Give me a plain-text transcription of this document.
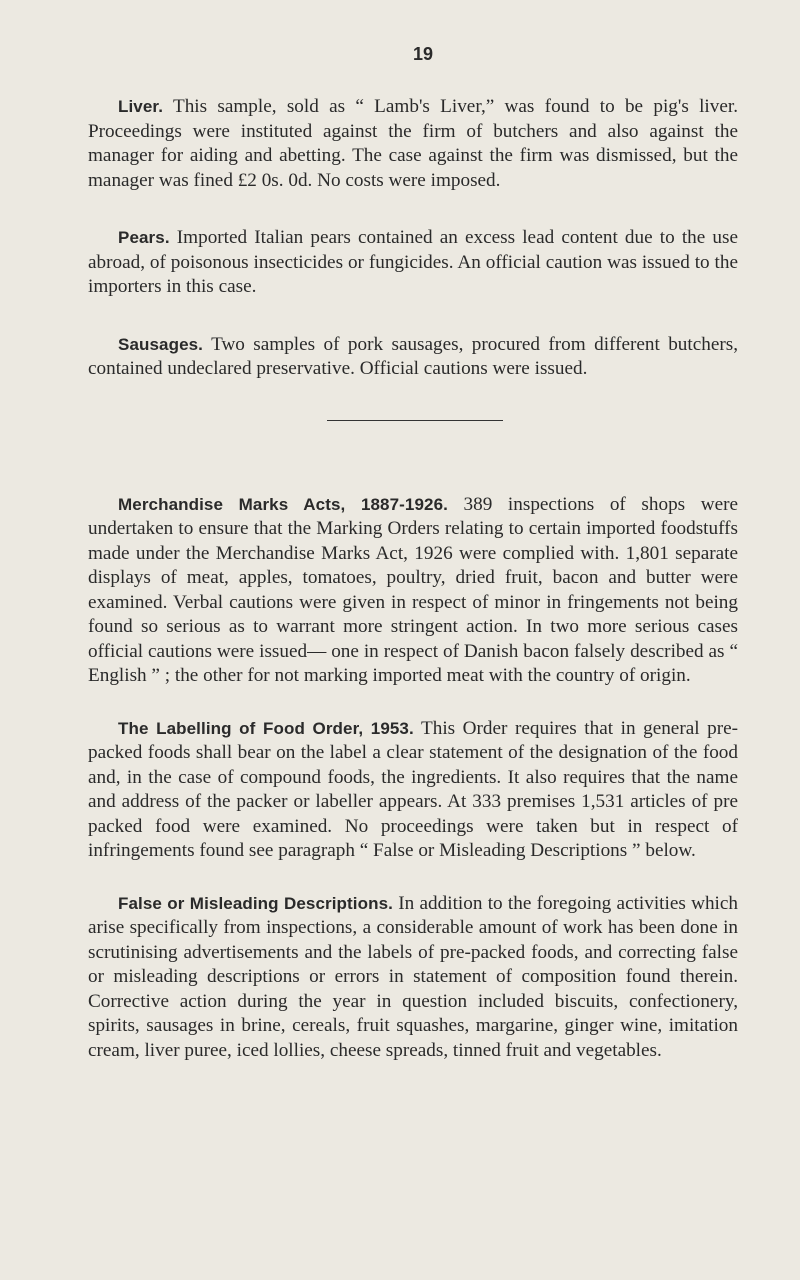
19

Liver. This sample, sold as “ Lamb's Liver,” was found to be pig's liver. Proceedings were instituted against the firm of butchers and also against the manager for aiding and abetting. The case against the firm was dismissed, but the manager was fined £2 0s. 0d. No costs were imposed.

Pears. Imported Italian pears contained an excess lead content due to the use abroad, of poisonous insecticides or fungicides. An official caution was issued to the importers in this case.

Sausages. Two samples of pork sausages, procured from different butchers, contained undeclared preservative. Official cautions were issued.

Merchandise Marks Acts, 1887-1926. 389 inspections of shops were undertaken to ensure that the Marking Orders relating to certain imported foodstuffs made under the Merchandise Marks Act, 1926 were complied with. 1,801 separate displays of meat, apples, tomatoes, poultry, dried fruit, bacon and butter were examined. Verbal cautions were given in respect of minor in fringements not being found so serious as to warrant more stringent action. In two more serious cases official cautions were issued— one in respect of Danish bacon falsely described as “ English ” ; the other for not marking imported meat with the country of origin.

The Labelling of Food Order, 1953. This Order requires that in general pre-packed foods shall bear on the label a clear statement of the designation of the food and, in the case of compound foods, the ingredients. It also requires that the name and address of the packer or labeller appears. At 333 premises 1,531 articles of pre packed food were examined. No proceedings were taken but in respect of infringements found see paragraph “ False or Misleading Descriptions ” below.

False or Misleading Descriptions. In addition to the foregoing activities which arise specifically from inspections, a considerable amount of work has been done in scrutinising advertisements and the labels of pre-packed foods, and correcting false or misleading descriptions or errors in statement of composition found therein. Corrective action during the year in question included biscuits, confectionery, spirits, sausages in brine, cereals, fruit squashes, margarine, ginger wine, imitation cream, liver puree, iced lollies, cheese spreads, tinned fruit and vegetables.
